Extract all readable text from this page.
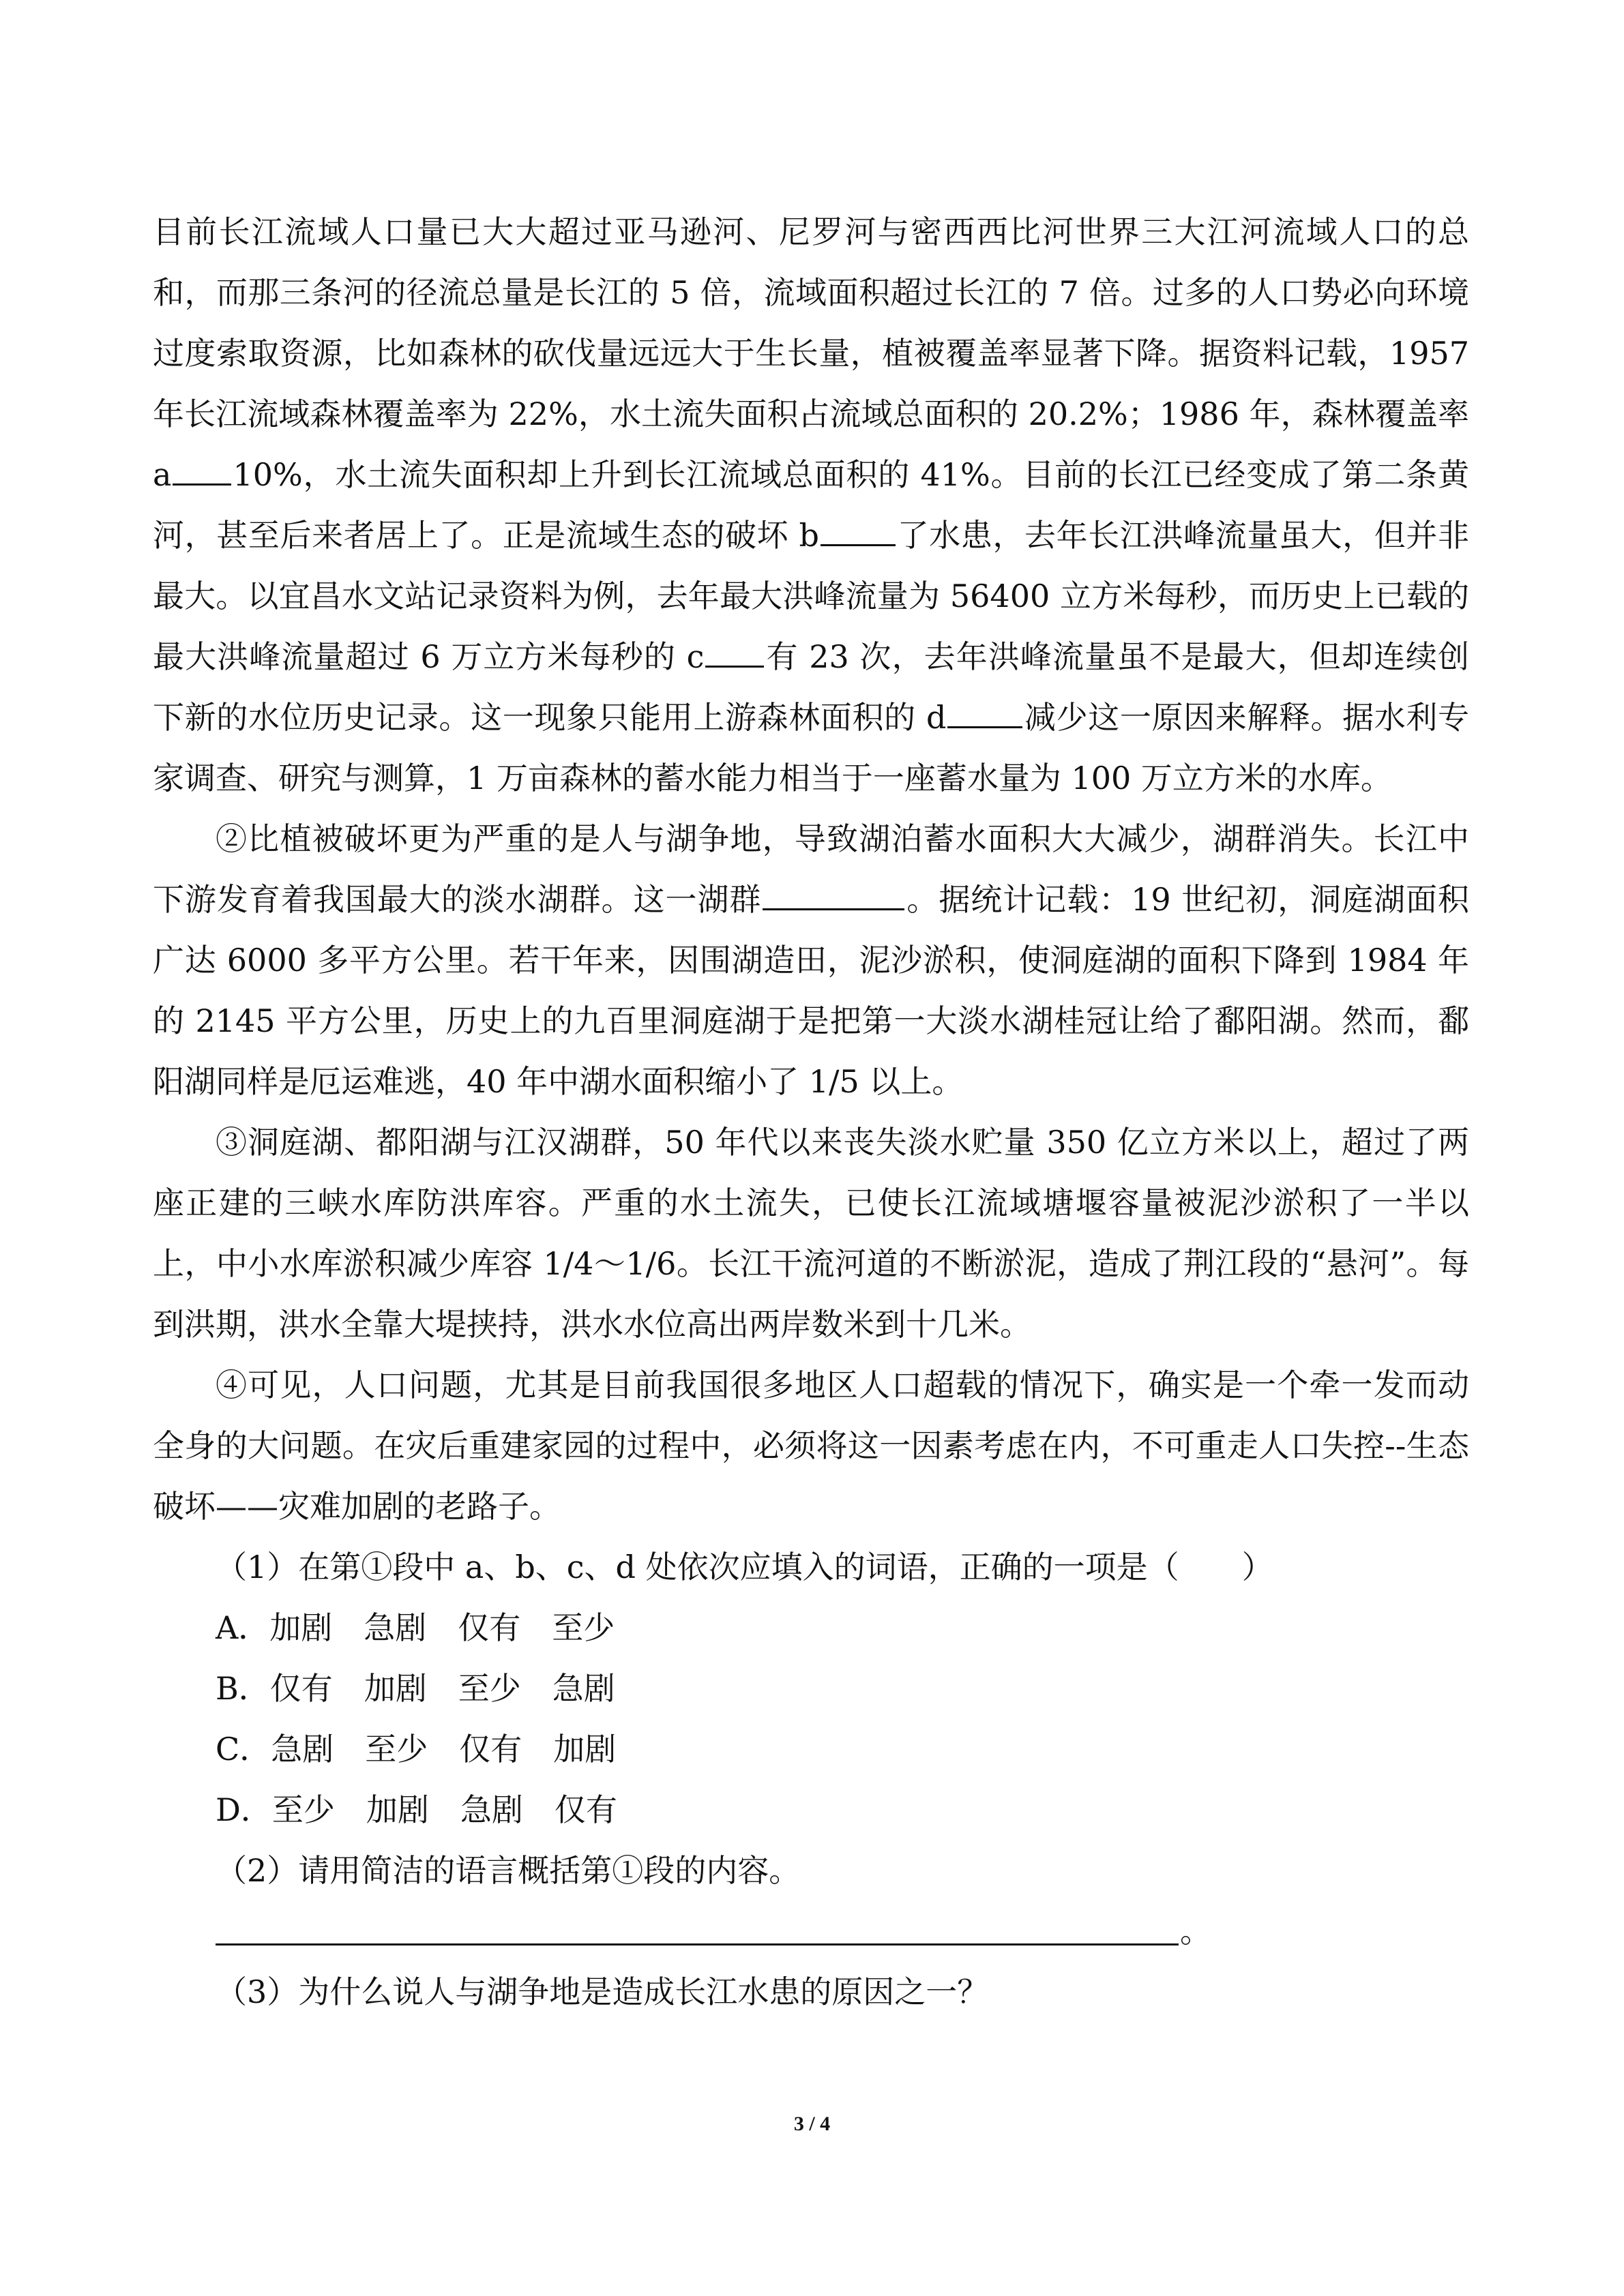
目前长江流域人口量已大大超过亚马逊河、尼罗河与密西西比河世界三大江河流域人口的总和，而那三条河的径流总量是长江的 5 倍，流域面积超过长江的 7 倍。过多的人口势必向环境过度索取资源，比如森林的砍伐量远远大于生长量，植被覆盖率显著下降。据资料记载，1957 年长江流域森林覆盖率为 22%，水土流失面积占流域总面积的 20.2%；1986 年，森林覆盖率 a 10%，水土流失面积却上升到长江流域总面积的 41%。目前的长江已经变成了第二条黄河，甚至后来者居上了。正是流域生态的破坏 b 了水患，去年长江洪峰流量虽大，但并非最大。以宜昌水文站记录资料为例，去年最大洪峰流量为 56400 立方米每秒，而历史上已载的最大洪峰流量超过 6 万立方米每秒的 c 有 23 次，去年洪峰流量虽不是最大，但却连续创下新的水位历史记录。这一现象只能用上游森林面积的 d 减少这一原因来解释。据水利专家调查、研究与测算，1 万亩森林的蓄水能力相当于一座蓄水量为 100 万立方米的水库。

②比植被破坏更为严重的是人与湖争地，导致湖泊蓄水面积大大减少，湖群消失。长江中下游发育着我国最大的淡水湖群。这一湖群	。据统计记载：19 世纪初，洞庭湖面积广达 6000 多平方公里。若干年来，因围湖造田，泥沙淤积，使洞庭湖的面积下降到 1984 年的 2145 平方公里，历史上的九百里洞庭湖于是把第一大淡水湖桂冠让给了鄱阳湖。然而，鄱阳湖同样是厄运难逃，40 年中湖水面积缩小了 1/5 以上。

③洞庭湖、都阳湖与江汉湖群，50 年代以来丧失淡水贮量 350 亿立方米以上，超过了两座正建的三峡水库防洪库容。严重的水土流失，已使长江流域塘堰容量被泥沙淤积了一半以上，中小水库淤积减少库容 1/4～1/6。长江干流河道的不断淤泥，造成了荆江段的“悬河”。每到洪期，洪水全靠大堤挟持，洪水水位高出两岸数米到十几米。

④可见，人口问题，尤其是目前我国很多地区人口超载的情况下，确实是一个牵一发而动全身的大问题。在灾后重建家园的过程中，必须将这一因素考虑在内，不可重走人口失控--生态破坏——灾难加剧的老路子。

（1）在第①段中 a、b、c、d 处依次应填入的词语，正确的一项是（　　）

A．加剧　急剧　仅有　至少

B．仅有　加剧　至少　急剧

C．急剧　至少　仅有　加剧

D．至少　加剧　急剧　仅有

（2）请用简洁的语言概括第①段的内容。

。

（3）为什么说人与湖争地是造成长江水患的原因之一？

3 / 4
